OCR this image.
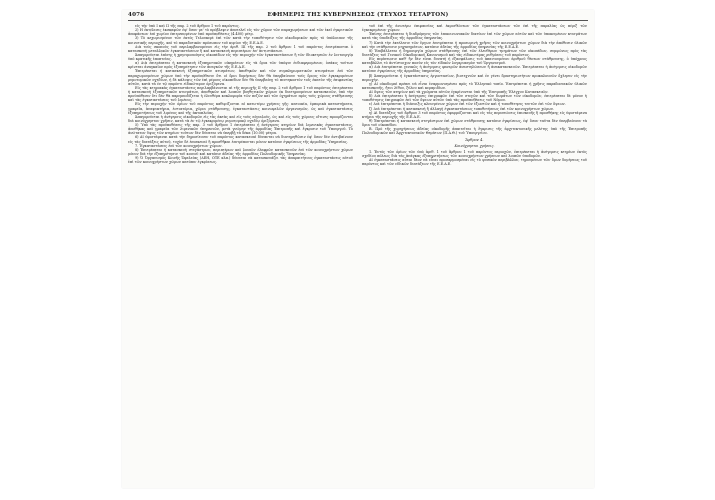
4076	ΕΦΗΜΕΡΙΣ ΤΗΣ ΚΥΒΕΡΝΗΣΕΩΣ (ΤΕΥΧΟΣ ΤΕΤΑΡΤΟΝ)

εἰς τὴν ὑπὸ I καὶ II τῆς παρ. 2 τοῦ ἄρθρου 1 τοῦ παρόντος.

2) Η ἐκτέλεσις ἐκσκαφῶν ἐφ' ὅσον με' τὸ πρόβλεψιν ἀποτελεῖ εἰς τὸν χῶρον τῶν παραχωρήσεων καὶ τῶν ἐκεῖ ἐγκριτικῶν ἀποφάσεων ἐπὶ χωρίου ἐπιτρεπομένων ὑπὸ προϋποθέσεις (4.400) μέτρ.

3) Τὸ κεχωρισμένον τῶν ἐκτὸς Τελουκερὲ ἐπὶ τῶν κατὰ τὴν τοποθέτησιν τῶν οἰκοδομικῶν πρὸς τὸ ὑπόλοιπον τῆς κοινοτικῆς περιοχῆς, καὶ τὸ παραδοτικὸν πρόσωπον τοῦ κυρίου τῆς E.E.A.E.

Διὰ τοὺς σκοποὺς τοῦ περιλαμβανομένου εἰς τὴν ἀριθ. III τῆς παρ. 2 τοῦ ἄρθρου 1 τοῦ παρόντος ἐπιτρέπονται ὁ κατασκευὴ μεταλλικῶν ἐγκαταστάσεων ἢ καὶ κατασκευὴ περιπτέρων ἐπ' ἀντιστάσεων.

Ἀπαγορεύεται ἐπίσης ἡ χρησιμοποίησις οἰκοπέδων εἰς τὴν περιοχὴν τῶν ἐγκαταστάσεων ἢ τῶν ἰδιοκτησιῶν ἐν λειτουργίᾳ ὑπὸ κρατικῆς ἐποπτείας.

α) Διὰ ἐπιτρέπεται ἡ κατασκευὴ ἐξυπηρετικῶν οἰκημάτων εἰς τὰ ὅρια τῶν ὑπόψιν ἐνδιαφερομένων, ὁσάκις τούτων κρίνεται ἀναγκαῖον πρὸς ἐξυπηρέτησιν τῶν ἀναγκῶν τῆς E.E.A.E.

Ἐπιτρέπεται ἡ κατασκευὴ ἐξυπηρετικῶν κτισμάτων, ἀποθηκῶν καὶ τῶν συμπληρωματικῶν κτισμάτων ἐπὶ τῶν παραχωρουμένων χώρων ὑπὸ τὴν προϋπόθεσιν ὅτι οἱ ὅροι δομήσεως δὲν θὰ ὑπερβαίνουν τοὺς ὅρους τῶν ἐγκεκριμένων ρυμοτομικῶν σχεδίων, ἡ δὲ κάλυψις τῶν ἐπὶ μέρους οἰκοπέδων δὲν θὰ ὑπερβαίνῃ τὸ πεντηκοστὸν τοῖς ἑκατὸν τῆς ἐπιφανείας αὐτῶν, κατὰ τὰ ἐν τῷ παρόντι εἰδικώτερον ὁριζόμενα.

Εἰς τὰς κτηριακὰς ἐγκαταστάσεις περιλαμβάνονται αἱ τῆς περιοχῆς II τῆς παρ. 2 τοῦ ἄρθρου 1 τοῦ παρόντος ἐπιτρέπεται ἡ κατασκευὴ ἐξυπηρετικῶν κτισμάτων, ἀποθηκῶν καὶ λοιπῶν βοηθητικῶν χώρων ἐκ διατηρουμένων κατασκευῶν, ὑπὸ τὴν προϋπόθεσιν ὅτι δὲν θὰ παρεμποδίζεται ἡ ἐλευθέρα κυκλοφορία τῶν πεζῶν καὶ τῶν ὀχημάτων πρὸς τοὺς χώρους στάθμευσης καὶ τὰς ἐγκαταστάσεις τοῦ λιμένος.

Εἰς τὴν περιοχὴν τῶν ὁρίων τοῦ παρόντος καθορίζονται αἱ κατωτέρω χρήσεις γῆς: κατοικία, ἐμπορικὰ καταστήματα, γραφεῖα, ἀναψυκτήρια, ἐστιατόρια, χῶροι στάθμευσης, ἐγκαταστάσεις κοινωφελῶν ὀργανισμῶν, ὡς καὶ ἐγκαταστάσεις ἐξυπηρετήσεως τοῦ λιμένος καὶ τῆς ἀκτοπλοΐας.

Ἀπαγορεύεται ἡ ἀνέγερσις οἰκοδομῶν εἰς τὰς ἀκτὰς καὶ εἰς τοὺς αἰγιαλοὺς, ὡς καὶ εἰς τοὺς χώρους οἵτινες προορίζονται διὰ κοινόχρηστον χρῆσιν, κατὰ τὰ ἐν τῷ ἐγκεκριμένῳ ρυμοτομικῷ σχεδίῳ ὁριζόμενα.

5) Ὑπὸ τὰς προϋποθέσεις τῆς παρ. 3 τοῦ ἄρθρου 1 ἐπιτρέπεται ἡ ἀνέγερσις κτηρίων διὰ λιμενικὰς ἐγκαταστάσεις, ἀποθήκας καὶ γραφεῖα τῶν λιμενικῶν ὑπηρεσιῶν, μετὰ γνώμην τῆς ἁρμοδίας Ἐπιτροπῆς καὶ ἔγκρισιν τοῦ Ὑπουργοῦ. Τὸ ἀνώτατον ὕψος τῶν κτηρίων τούτων δὲν δύναται νὰ ὑπερβῇ τὰ δέκα (10.00) μέτρα.

6) Αἱ ὑφιστάμεναι κατὰ τὴν δημοσίευσιν τοῦ παρόντος κατασκευαὶ δύνανται νὰ διατηρηθῶσιν ἐφ' ὅσον δὲν ἀντιβαίνουν εἰς τὰς διατάξεις αὐτοῦ, τυχὸν δὲ ἐπισκευαὶ ἢ προσθῆκαι ἐπιτρέπονται μόνον κατόπιν ἐγκρίσεως τῆς ἁρμοδίας Ὑπηρεσίας.

7. Ἐγκαταστάσεις ἐπὶ τῶν κοινοχρήστων χώρων.

8) Ἐπιτρέπεται ἡ κατασκευὴ στεγάστρων, περιπτέρων καὶ λοιπῶν ἐλαφρῶν κατασκευῶν ἐπὶ τῶν κοινοχρήστων χώρων μόνον διὰ τὴν ἐξυπηρέτησιν τοῦ κοινοῦ καὶ κατόπιν ἀδείας τῆς ἁρμοδίας Πολεοδομικῆς Ὑπηρεσίας.

9) Ὁ Ὀργανισμὸς Κοινῆς Ὠφελείας (ΔΕΗ, ΟΤΕ κλπ.) δύναται νὰ κατασκευάζει τὰς ἀπαραιτήτους ἐγκαταστάσεις αὐτοῦ ἐπὶ τῶν κοινοχρήστων χώρων κατόπιν ἐγκρίσεως.

τοῦ ἐπὶ τῆς ἀνωτέρω ἐπιφανείας καὶ ἐκμισθώσεων τῶν ἐγκαταστάσεων τῶν ἐπὶ τῆς παραλίας ὡς πέριξ τῶν ἐγκεκριμένων χώρων.

Ἐπίσης ἐπιτρέπεται ἡ διαδρόμησις τῶν ἐπικοινωνιακῶν δικτύων ἐπὶ τῶν χώρων αὐτῶν καὶ τῶν ὑποκειμένων κτισμάτων κατὰ τὰς ὑποδείξεις τῆς ἁρμοδίας ὑπηρεσίας.

7) Κατὰ τὴν ἐκτέλεσιν τῶν ἔργων ἐπιτρέπεται ἡ προσωρινὴ χρῆσις τῶν κοινοχρήστων χώρων διὰ τὴν ἀπόθεσιν ὑλικῶν καὶ τὴν στάθμευσιν μηχανημάτων, κατόπιν ἀδείας τῆς ἁρμοδίας ὑπηρεσίας τῆς E.E.A.E.

8) Ἐπιβάλλεται ἡ δημιουργία χώρων στάθμευσης ἐπὶ τῶν ἐλευθέρων τμημάτων τῶν οἰκοπέδων, συμφώνως πρὸς τὰς διατάξεις τοῦ Γενικοῦ Οἰκοδομικοῦ Κανονισμοῦ καὶ τὰς εἰδικωτέρας ρυθμίσεις τοῦ παρόντος.

Εἰς περίπτωσιν καθ' ἣν δὲν εἶναι δυνατὴ ἡ ἐξασφάλισις τοῦ ἀπαιτουμένου ἀριθμοῦ θέσεων στάθμευσης, ὁ ὑπόχρεος καταβάλλει τὸ ἀντίστοιχον ποσὸν εἰς τὸν εἰδικὸν λογαριασμὸν τοῦ Ὀργανισμοῦ.

α) Διὰ ἐπιτρέπεται γενικῶς ἡ ἀνέγερσις φανερῶν ἀναστηλώσεων ἢ ἀνακατασκευῶν. Ἐπιτρέπεται ἡ ἀνέγερσις οἰκοδομῶν κατόπιν ἐγκρίσεως τῆς ἁρμοδίας ὑπηρεσίας.

β) Ἀπαγορεύεται ἡ ἐγκατάστασις ἐργοστασίων, βιοτεχνιῶν καὶ ἐν γένει δραστηριοτήτων προκαλουσῶν ὄχλησιν εἰς τὴν περιοχήν.

γ) Αἱ οἰκοδομαὶ πρέπει νὰ εἶναι ἐναρμονισμέναι πρὸς τὸ Ἑλληνικὸ τοπίο. Ἐπιτρέπεται ἡ χρῆσις παραδοσιακῶν ὑλικῶν κατασκευῆς, ἤτοι λίθου, ξύλου καὶ κεραμιδίων.

Αἱ ὄψεις τῶν κτηρίων καὶ τὰ χρώματα αὐτῶν ἐγκρίνονται ὑπὸ τῆς Ἐπιτροπῆς Ἐλέγχου Κατασκευῶν.

δ) Διὰ ἐπιτρέπεται ἡ ἀνέγερσις ἐπιγραφῶν ἐπὶ τῶν στεγῶν καὶ τῶν δωμάτων τῶν οἰκοδομῶν, ἐπιτρέπεται δὲ μόνον ἡ τοποθέτησις ἐπιγραφῶν ἐπὶ τῶν ὄψεων αὐτῶν ὑπὸ τὰς προϋποθέσεις τοῦ Νόμου.

ε) Διὰ ἐπιτρέπεται ἡ διάνοιξις κλεισμένων χώρων ἐπὶ τῶν ἐξωστῶν καὶ ἡ τοποθέτησις τεντῶν ἐπὶ τῶν ὄψεων.

ζ) Διὰ ἐπιτρέπεται ἡ κατασκευὴ ἢ ἀλλαγὴ ἐγκαταστάσεως τοποθετήσεως ἐπὶ τῶν κοινοχρήστων χώρων.

η) Αἱ διατάξεις τοῦ ἄρθρου 3 τοῦ παρόντος ἐφαρμόζονται καὶ εἰς τὰς περιπτώσεις ἐπισκευῆς ἢ προσθήκης εἰς ὑφιστάμενα κτήρια τῆς περιοχῆς τῆς E.E.A.E.

θ) Ἐπιτρέπεται ἡ κατασκευὴ στεγάστρων ἐπὶ χώρων στάθμευσης κατόπιν ἐγκρίσεως, ἐφ' ὅσον ταῦτα δὲν ὑπερβαίνουν τὰ ὅρια τοῦ οἰκοπέδου.

Β. Πρὸ τῆς χορηγήσεως ἀδείας οἰκοδομῆς ἀπαιτεῖται ἡ ἔγκρισις τῆς ἀρχιτεκτονικῆς μελέτης ὑπὸ τῆς Ἐπιτροπῆς Πολεοδομικῶν καὶ Ἀρχιτεκτονικῶν Θεμάτων (Π.Α.Θ.) τοῦ Ὑπουργείου.

Ἄρθρον 4.

Κοινόχρηστοι χρήσεις.

1. Ἐντὸς τῶν ὁρίων τῶν ὑπὸ ἀριθ. 1 τοῦ ἄρθρου 1 τοῦ παρόντος περιοχῶν, ἐπιτρέπεται ἡ ἀνέγερσις κτηρίων ἐκτὸς σχεδίου πόλεως διὰ τὰς ἀνάγκας ἐξυπηρετήσεως τῶν κοινοχρήστων χρήσεων καὶ λοιπῶν ὑποδομῶν.

Αἱ ἐγκαταστάσεις αὗται δέον νὰ εἶναι προσαρμοσμέναι εἰς τὸ φυσικὸν περιβάλλον, τηρουμένων τῶν ὅρων δομήσεως τοῦ παρόντος καὶ τῶν εἰδικῶν διατάξεων τῆς E.E.A.E.
